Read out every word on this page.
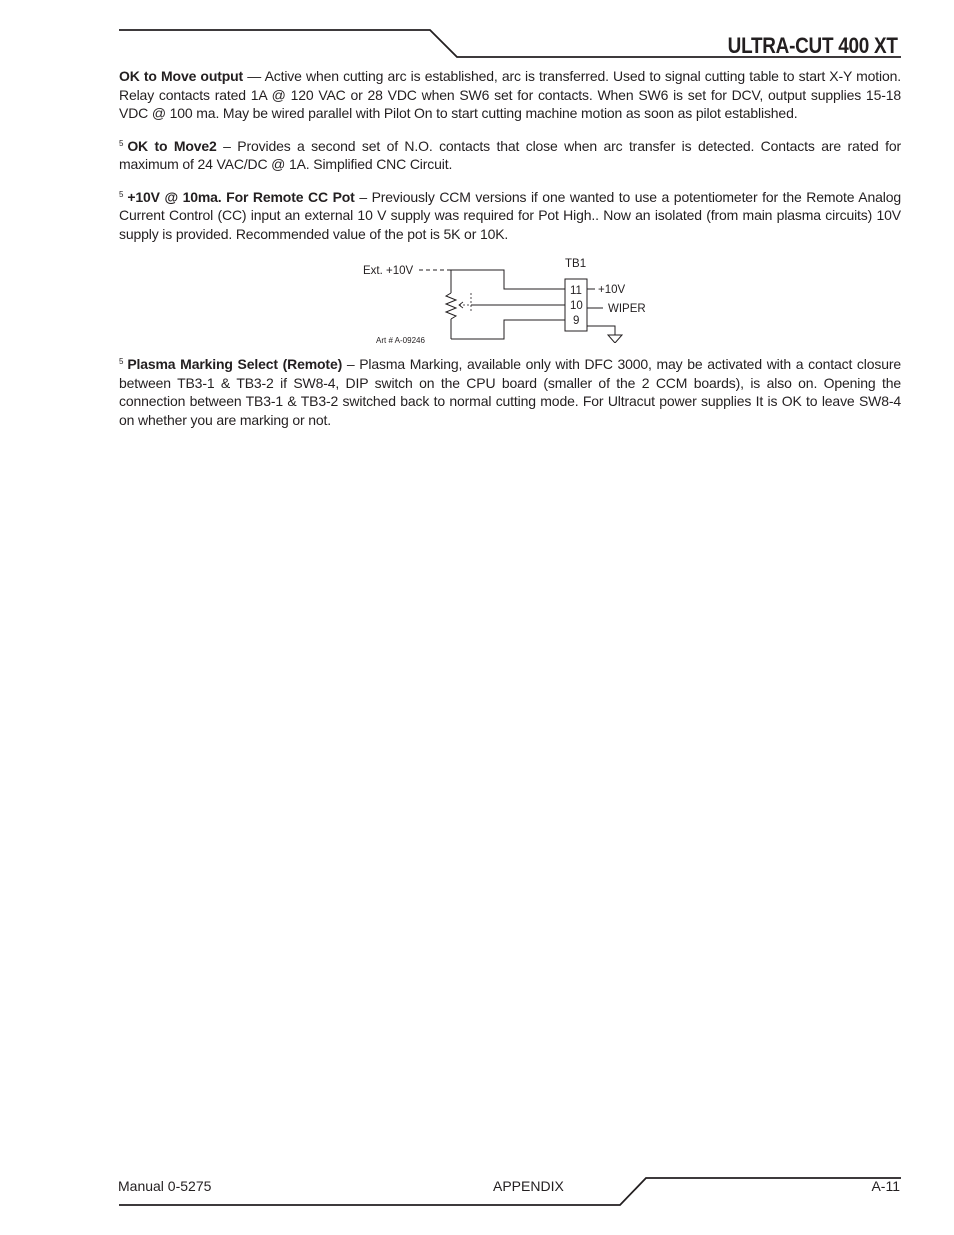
ULTRA-CUT 400 XT

OK to Move output — Active when cutting arc is established, arc is transferred. Used to signal cutting table to start X-Y motion. Relay contacts rated 1A @ 120 VAC or 28 VDC when SW6 set for contacts. When SW6 is set for DCV, output supplies 15-18 VDC @ 100 ma. May be wired parallel with Pilot On to start cutting machine motion as soon as pilot established.

$^5$ OK to Move2 – Provides a second set of N.O. contacts that close when arc transfer is detected. Contacts are rated for maximum of 24 VAC/DC @ 1A. Simplified CNC Circuit.

$^5$ +10V @ 10ma. For Remote CC Pot – Previously CCM versions if one wanted to use a potentiometer for the Remote Analog Current Control (CC) input an external 10 V supply was required for Pot High.. Now an isolated (from main plasma circuits) 10V supply is provided. Recommended value of the pot is 5K or 10K.

Ext. +10V
TB1
11
10
9
+10V
WIPER
Art # A-09246

$^5$ Plasma Marking Select (Remote) – Plasma Marking, available only with DFC 3000, may be activated with a contact closure between TB3-1 & TB3-2 if SW8-4, DIP switch on the CPU board (smaller of the 2 CCM boards), is also on. Opening the connection between TB3-1 & TB3-2 switched back to normal cutting mode. For Ultracut power supplies It is OK to leave SW8-4 on whether you are marking or not.

Manual 0-5275	APPENDIX	A-11
